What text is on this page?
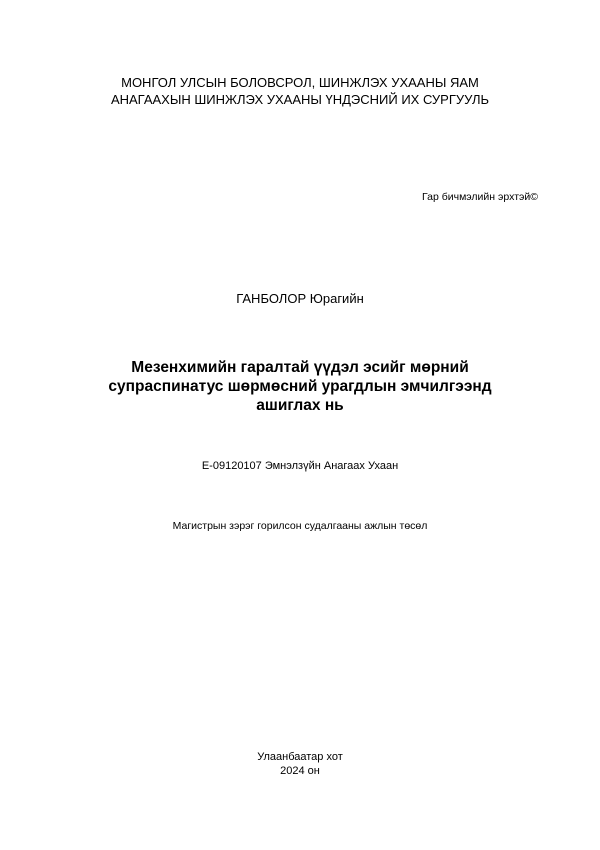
МОНГОЛ УЛСЫН БОЛОВСРОЛ, ШИНЖЛЭХ УХААНЫ ЯАМ
АНАГААХЫН ШИНЖЛЭХ УХААНЫ ҮНДЭСНИЙ ИХ СУРГУУЛЬ
Гар бичмэлийн эрхтэй©
ГАНБОЛОР Юрагийн
Мезенхимийн гаралтай үүдэл эсийг мөрний
супраспинатус шөрмөсний урагдлын эмчилгээнд
ашиглах нь
E-09120107 Эмнэлзүйн Анагаах Ухаан
Магистрын зэрэг горилсон судалгааны ажлын төсөл
Улаанбаатар хот
2024 он
